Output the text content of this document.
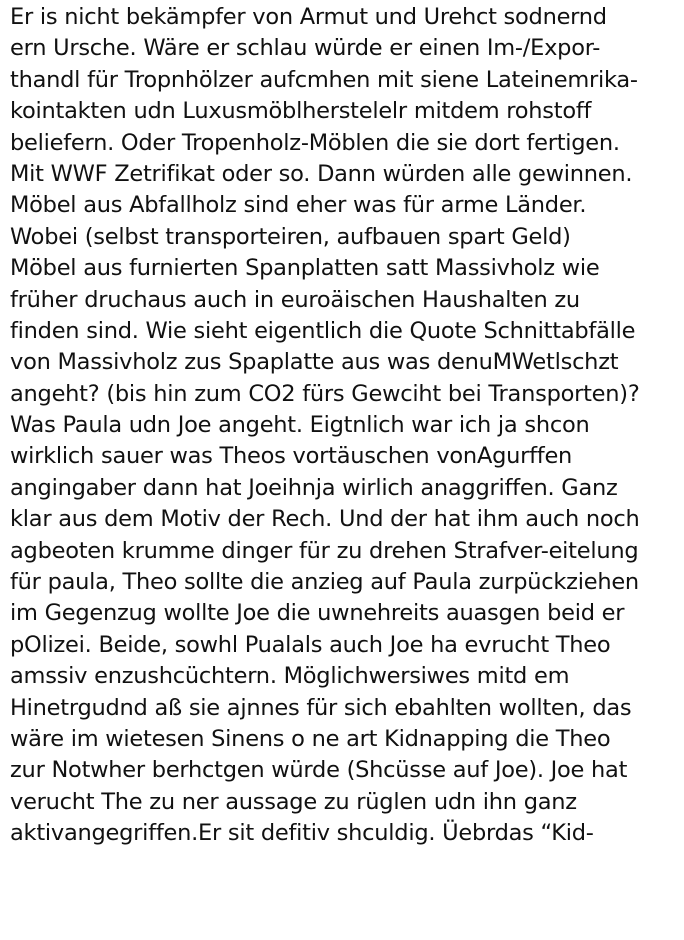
Er is nicht bekämpfer von Armut und Urehct sodnernd
ern Ursche. Wäre er schlau würde er einen Im-/Expor-
thandl für Tropnhölzer aufcmhen mit siene Lateinemrika-
kointakten udn Luxusmöblherstelelr mitdem rohstoff
beliefern. Oder Tropenholz-Möblen die sie dort fertigen.
Mit WWF Zetrifikat oder so. Dann würden alle gewinnen.
Möbel aus Abfallholz sind eher was für arme Länder.
Wobei (selbst transporteiren, aufbauen spart Geld)
Möbel aus furnierten Spanplatten satt Massivholz wie
früher druchaus auch in euroäischen Haushalten zu
finden sind. Wie sieht eigentlich die Quote Schnittabfälle
von Massivholz zus Spaplatte aus was denuMWetlschzt
angeht? (bis hin zum CO2 fürs Gewciht bei Transporten)?
Was Paula udn Joe angeht. Eigtnlich war ich ja shcon
wirklich sauer was Theos vortäuschen vonAgurffen
angingaber dann hat Joeihnja wirlich anaggriffen. Ganz
klar aus dem Motiv der Rech. Und der hat ihm auch noch
agbeoten krumme dinger für zu drehen Strafver-eitelung
für paula, Theo sollte die anzieg auf Paula zurpückziehen
im Gegenzug wollte Joe die uwnehreits auasgen beid er
pOlizei. Beide, sowhl Pualals auch Joe ha evrucht Theo
amssiv enzushcüchtern. Möglichwersiwes mitd em
Hinetrgudnd aß sie ajnnes für sich ebahlten wollten, das
wäre im wietesen Sinens o ne art Kidnapping die Theo
zur Notwher berhctgen würde (Shcüsse auf Joe). Joe hat
veruсht The zu ner aussage zu rüglen udn ihn ganz
aktivangegriffen.Er sit defitiv shculdig. Üebrdas “Kid-
